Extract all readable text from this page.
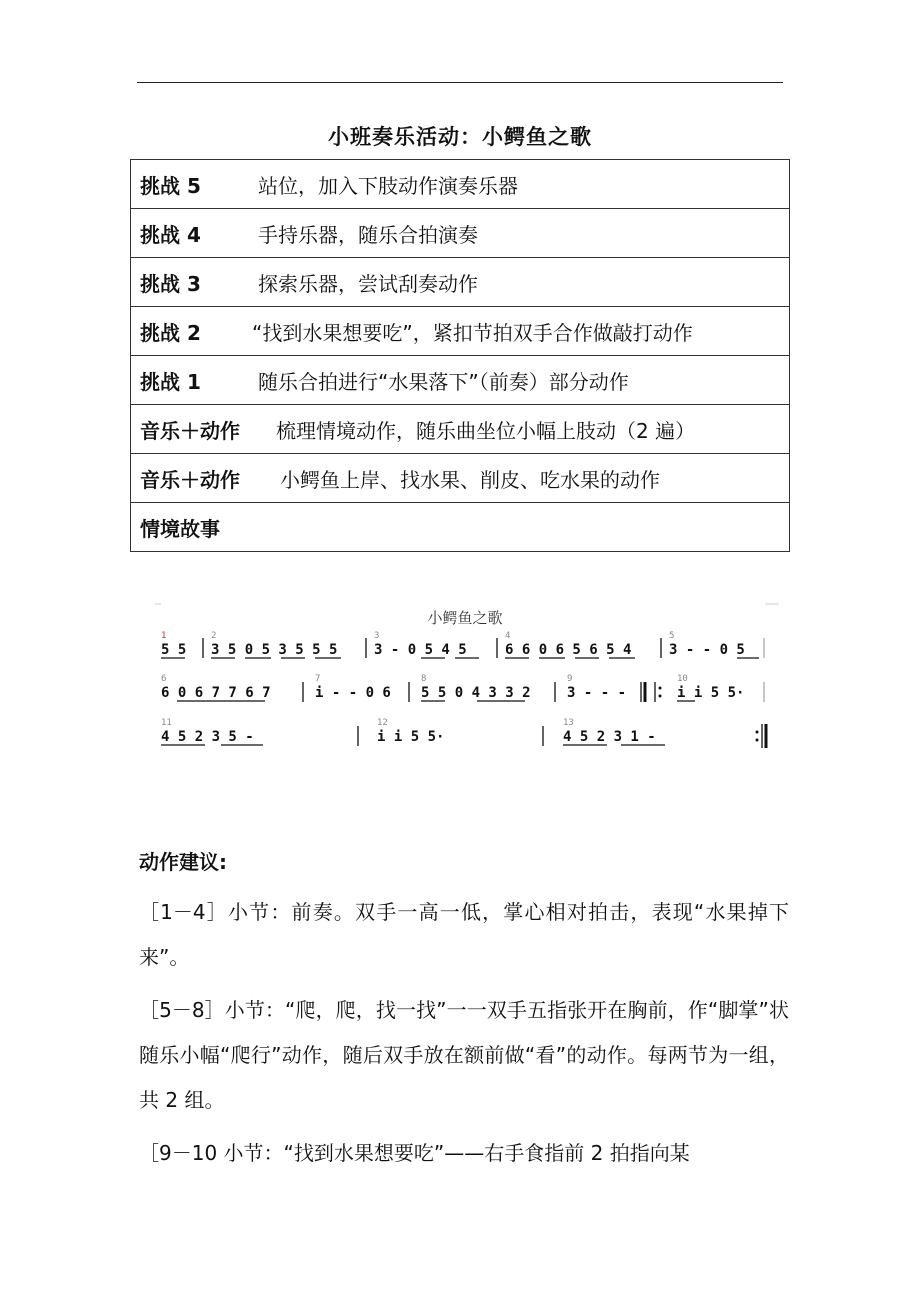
小班奏乐活动：小鳄鱼之歌
挑战 5	站位，加入下肢动作演奏乐器
挑战 4	手持乐器，随乐合拍演奏
挑战 3	探索乐器，尝试刮奏动作
挑战 2	“找到水果想要吃”，紧扣节拍双手合作做敲打动作
挑战 1	随乐合拍进行“水果落下”（前奏）部分动作
音乐＋动作 梳理情境动作，随乐曲坐位小幅上肢动（2 遍）
音乐＋动作 小鳄鱼上岸、找水果、削皮、吃水果的动作
情境故事
小鳄鱼之歌
1
5 5
2
3 5 0 5 3 5 5 5
3
3 - 0 5 4 5
4
6 6 0 6 5 6 5 4
5
3 - - 0 5
6
6 0 6 7 7 6 7
7
i - - 0 6
8
5 5 0 4 3 3 2
9
3 - - -
10
i i 5 5·
11
4 5 2 3 5 -
12
i i 5 5·
13
4 5 2 3 1 -
动作建议:

［1－4］小节：前奏。双手一高一低，掌心相对拍击，表现“水果掉下来”。

［5－8］小节：“爬，爬，找一找”一一双手五指张开在胸前，作“脚掌”状随乐小幅“爬行”动作，随后双手放在额前做“看”的动作。每两节为一组，共 2 组。

［9－10 小节：“找到水果想要吃”——右手食指前 2 拍指向某
